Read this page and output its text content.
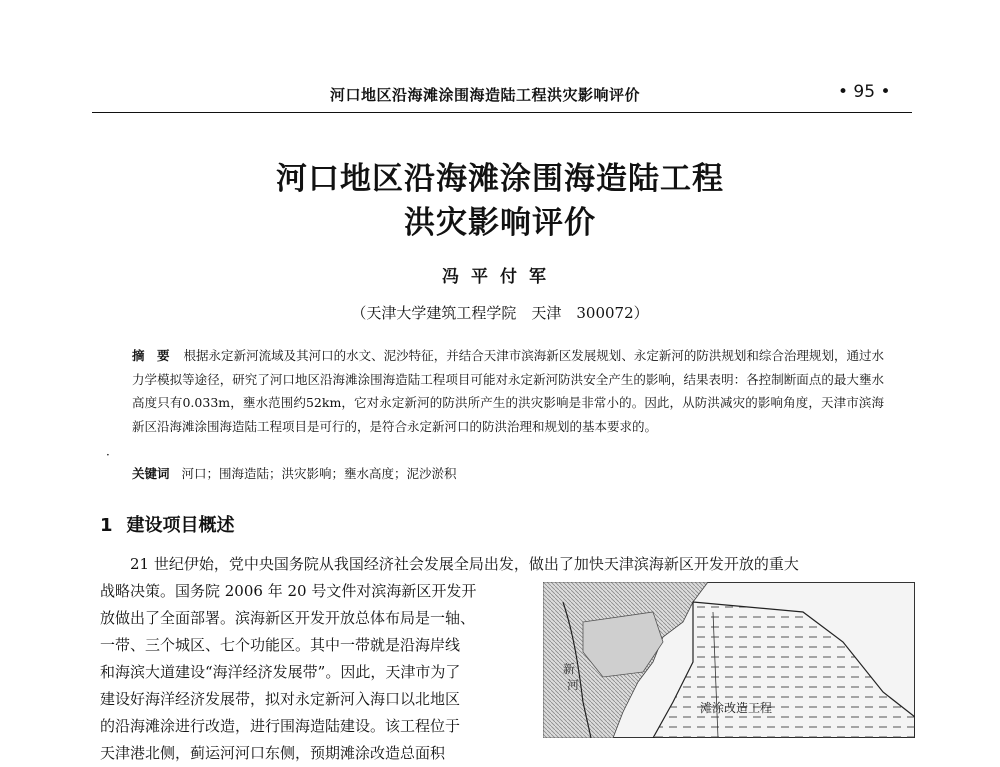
河口地区沿海滩涂围海造陆工程洪灾影响评价	• 95 •
河口地区沿海滩涂围海造陆工程
洪灾影响评价
冯平付军
（天津大学建筑工程学院　天津　300072）
摘　要 根据永定新河流域及其河口的水文、泥沙特征，并结合天津市滨海新区发展规划、永定新河的防洪规划和综合治理规划，通过水力学模拟等途径，研究了河口地区沿海滩涂围海造陆工程项目可能对永定新河防洪安全产生的影响，结果表明：各控制断面点的最大壅水高度只有0.033m，壅水范围约52km，它对永定新河的防洪所产生的洪灾影响是非常小的。因此，从防洪减灾的影响角度，天津市滨海新区沿海滩涂围海造陆工程项目是可行的，是符合永定新河口的防洪治理和规划的基本要求的。
·
关键词 河口；围海造陆；洪灾影响；壅水高度；泥沙淤积
1 建设项目概述
21 世纪伊始，党中央国务院从我国经济社会发展全局出发，做出了加快天津滨海新区开发开放的重大
战略决策。国务院 2006 年 20 号文件对滨海新区开发开
放做出了全面部署。滨海新区开发开放总体布局是一轴、
一带、三个城区、七个功能区。其中一带就是沿海岸线
和海滨大道建设“海洋经济发展带”。因此，天津市为了
建设好海洋经济发展带，拟对永定新河入海口以北地区
的沿海滩涂进行改造，进行围海造陆建设。该工程位于
天津港北侧，蓟运河河口东侧，预期滩涂改造总面积
新
河
滩涂改造工程
